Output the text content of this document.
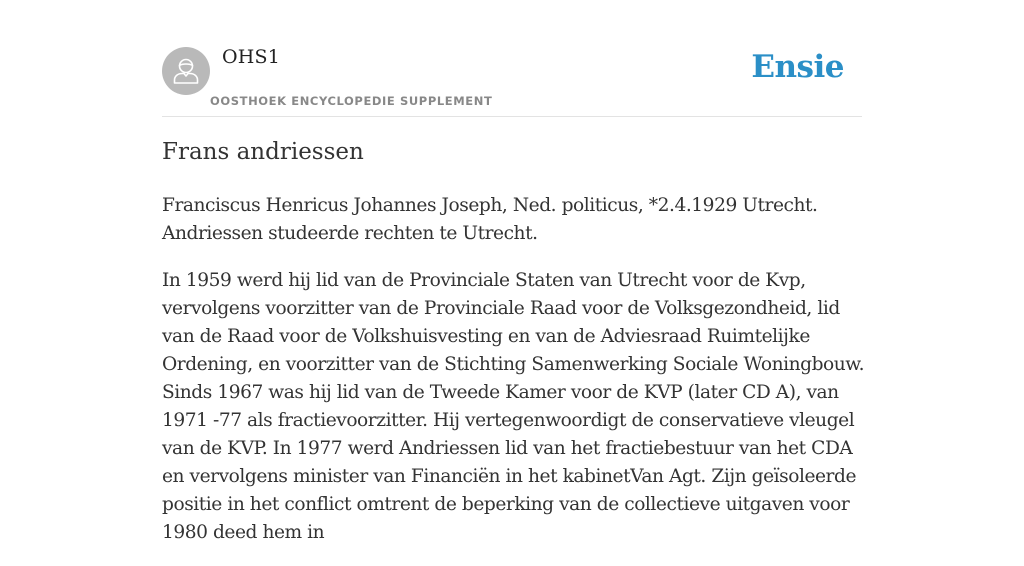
OHS1
OOSTHOEK ENCYCLOPEDIE SUPPLEMENT
Ensie
Frans andriessen

Franciscus Henricus Johannes Joseph, Ned. politicus, *2.4.1929 Utrecht. Andriessen studeerde rechten te Utrecht.

In 1959 werd hij lid van de Provinciale Staten van Utrecht voor de Kvp, vervolgens voorzitter van de Provinciale Raad voor de Volksgezondheid, lid van de Raad voor de Volkshuisvesting en van de Adviesraad Ruimtelijke Ordening, en voorzitter van de Stichting Samenwerking Sociale Woningbouw. Sinds 1967 was hij lid van de Tweede Kamer voor de KVP (later CD A), van 1971 -77 als fractievoorzitter. Hij vertegenwoordigt de conservatieve vleugel van de KVP. In 1977 werd Andriessen lid van het fractiebestuur van het CDA en vervolgens minister van Financiën in het kabinetVan Agt. Zijn geïsoleerde positie in het conflict omtrent de beperking van de collectieve uitgaven voor 1980 deed hem in
